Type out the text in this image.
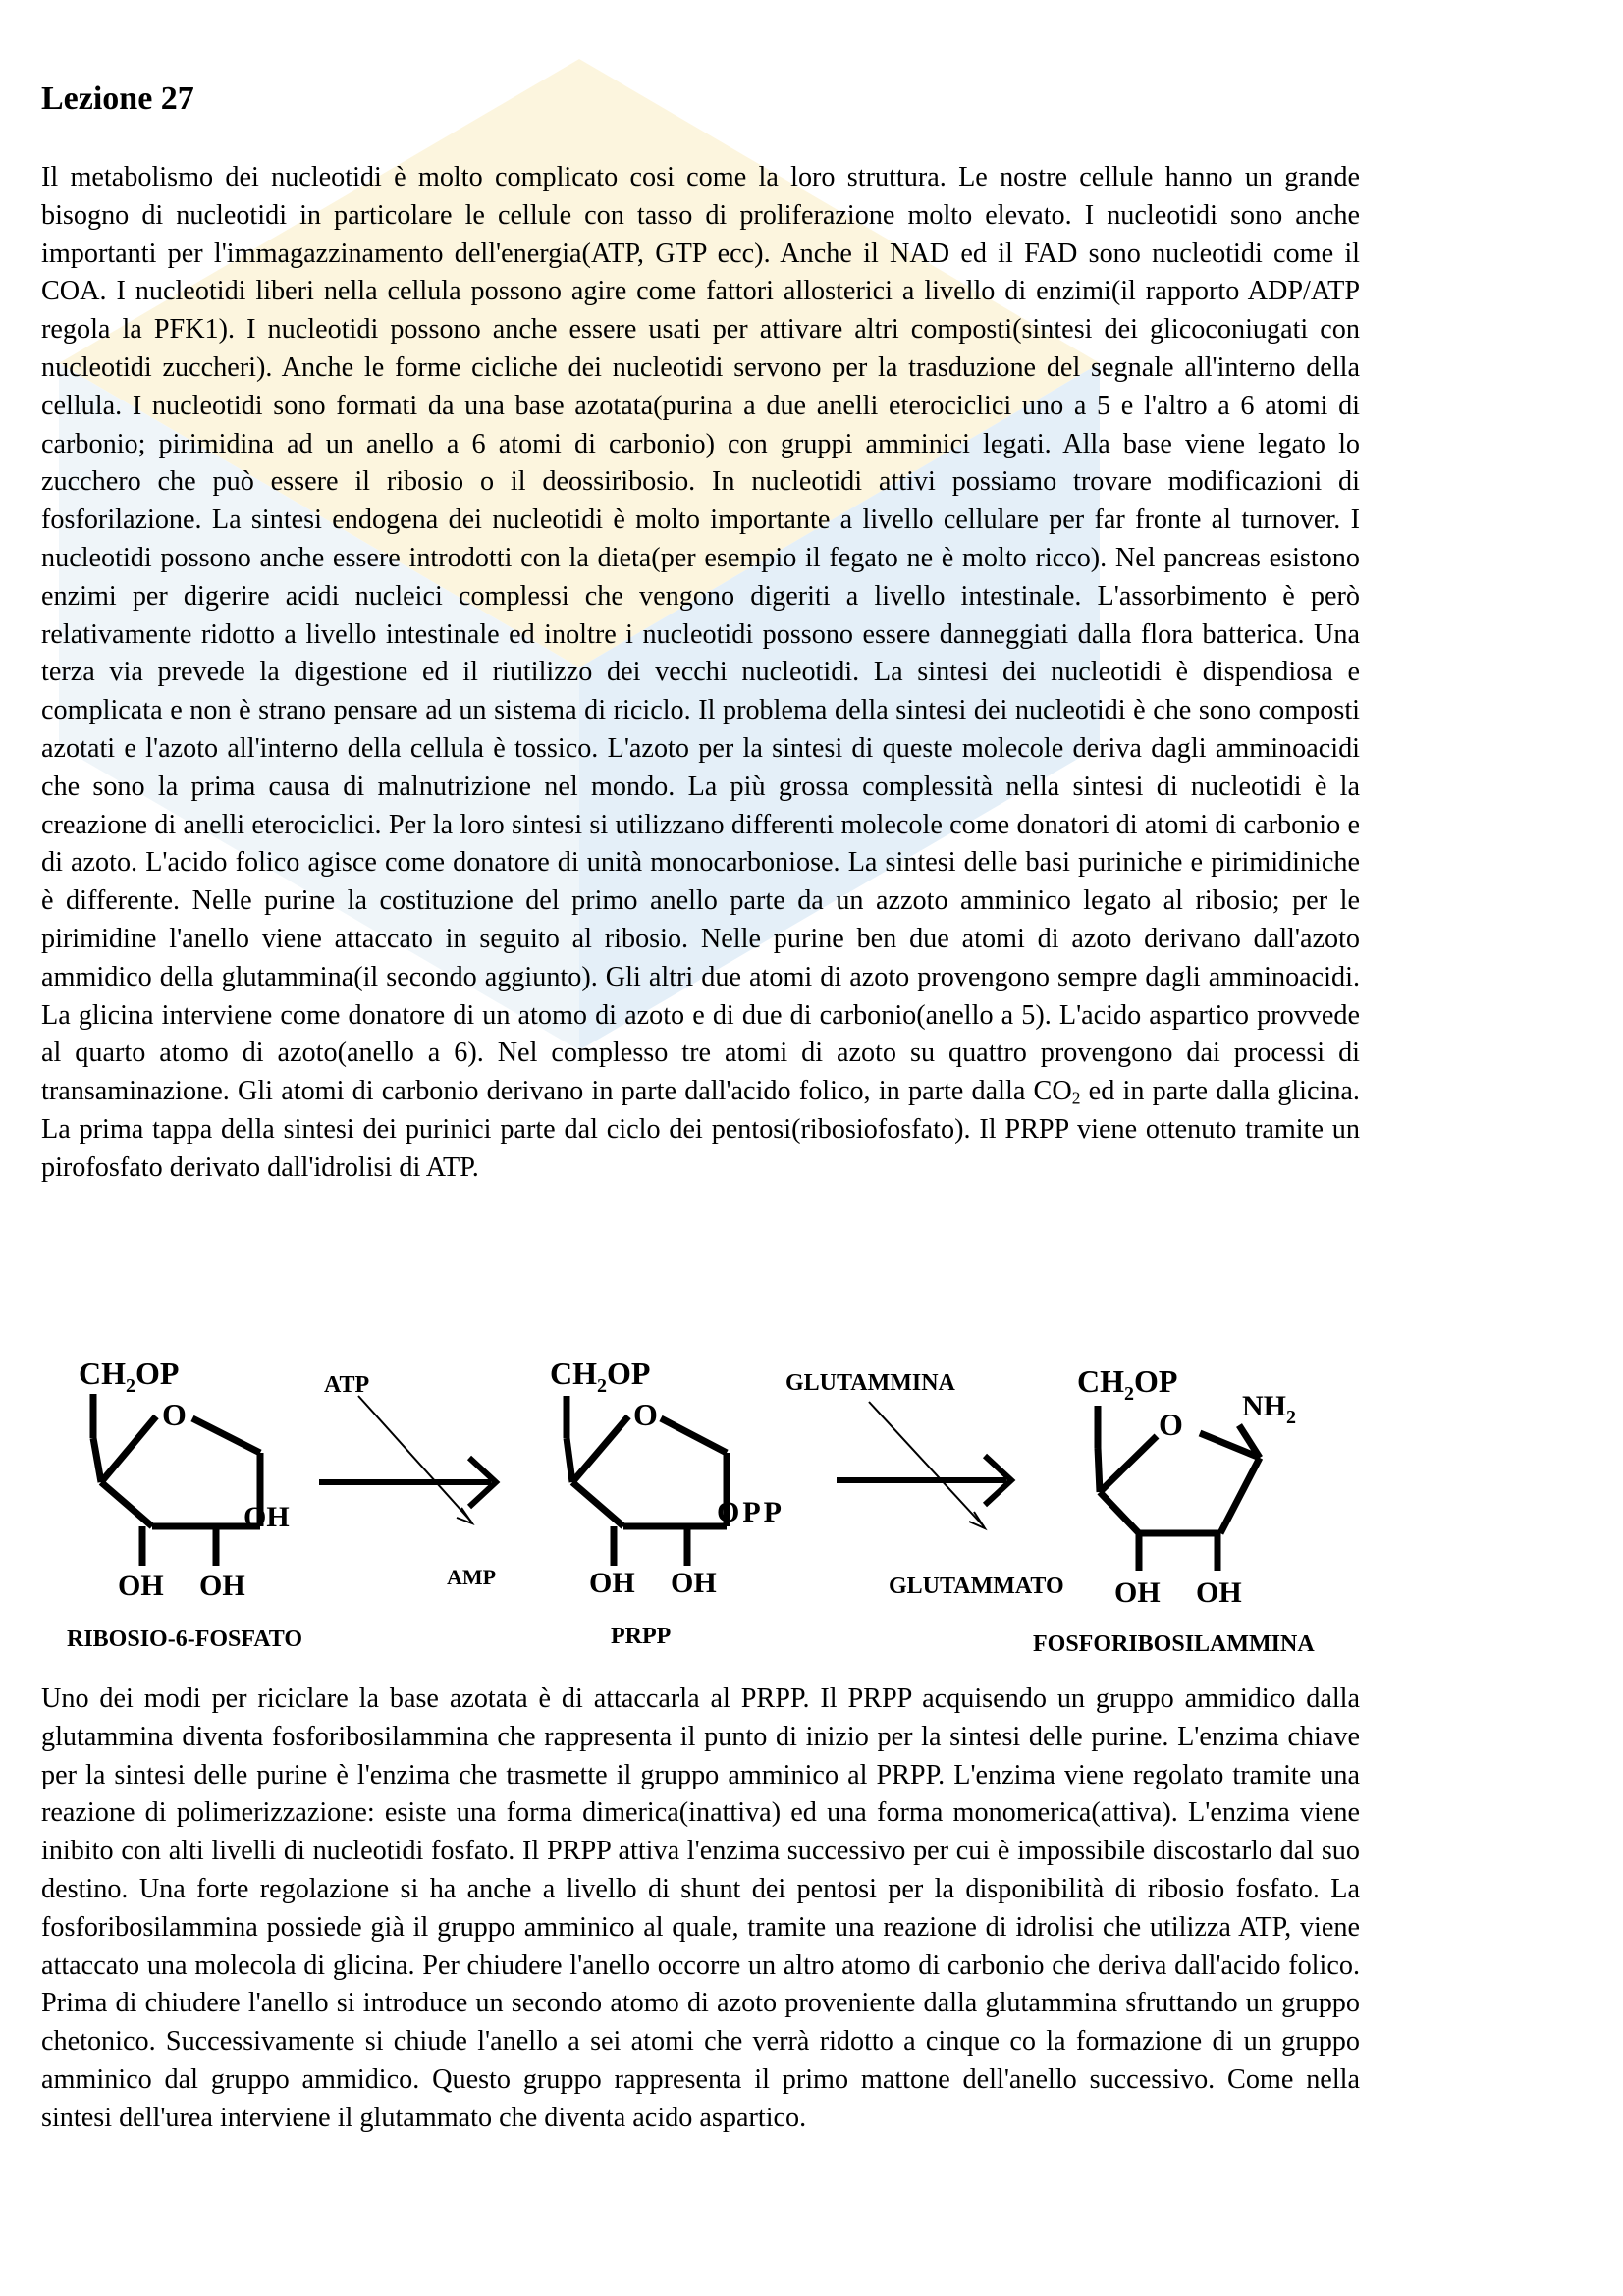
Lezione 27

Il metabolismo dei nucleotidi è molto complicato cosi come la loro struttura. Le nostre cellule hanno un grande bisogno di nucleotidi in particolare le cellule con tasso di proliferazione molto elevato. I nucleotidi sono anche importanti per l'immagazzinamento dell'energia(ATP, GTP ecc). Anche il NAD ed il FAD sono nucleotidi come il COA. I nucleotidi liberi nella cellula possono agire come fattori allosterici a livello di enzimi(il rapporto ADP/ATP regola la PFK1). I nucleotidi possono anche essere usati per attivare altri composti(sintesi dei glicoconiugati con nucleotidi zuccheri). Anche le forme cicliche dei nucleotidi servono per la trasduzione del segnale all'interno della cellula. I nucleotidi sono formati da una base azotata(purina a due anelli eterociclici uno a 5 e l'altro a 6 atomi di carbonio; pirimidina ad un anello a 6 atomi di carbonio) con gruppi amminici legati. Alla base viene legato lo zucchero che può essere il ribosio o il deossiribosio. In nucleotidi attivi possiamo trovare modificazioni di fosforilazione. La sintesi endogena dei nucleotidi è molto importante a livello cellulare per far fronte al turnover. I nucleotidi possono anche essere introdotti con la dieta(per esempio il fegato ne è molto ricco). Nel pancreas esistono enzimi per digerire acidi nucleici complessi che vengono digeriti a livello intestinale. L'assorbimento è però relativamente ridotto a livello intestinale ed inoltre i nucleotidi possono essere danneggiati dalla flora batterica. Una terza via prevede la digestione ed il riutilizzo dei vecchi nucleotidi. La sintesi dei nucleotidi è dispendiosa e complicata e non è strano pensare ad un sistema di riciclo. Il problema della sintesi dei nucleotidi è che sono composti azotati e l'azoto all'interno della cellula è tossico. L'azoto per la sintesi di queste molecole deriva dagli amminoacidi che sono la prima causa di malnutrizione nel mondo. La più grossa complessità nella sintesi di nucleotidi è la creazione di anelli eterociclici. Per la loro sintesi si utilizzano differenti molecole come donatori di atomi di carbonio e di azoto. L'acido folico agisce come donatore di unità monocarboniose. La sintesi delle basi puriniche e pirimidiniche è differente. Nelle purine la costituzione del primo anello parte da un azzoto amminico legato al ribosio; per le pirimidine l'anello viene attaccato in seguito al ribosio. Nelle purine ben due atomi di azoto derivano dall'azoto ammidico della glutammina(il secondo aggiunto). Gli altri due atomi di azoto provengono sempre dagli amminoacidi. La glicina interviene come donatore di un atomo di azoto e di due di carbonio(anello a 5). L'acido aspartico provvede al quarto atomo di azoto(anello a 6). Nel complesso tre atomi di azoto su quattro provengono dai processi di transaminazione. Gli atomi di carbonio derivano in parte dall'acido folico, in parte dalla $CO_2$ ed in parte dalla glicina. La prima tappa della sintesi dei purinici parte dal ciclo dei pentosi(ribosiofosfato). Il PRPP viene ottenuto tramite un pirofosfato derivato dall'idrolisi di ATP.

$CH_2OP$
O
OH
OH OH
RIBOSIO-6-FOSFATO
ATP
AMP
$CH_2OP$
O
OPP
OH OH
PRPP
GLUTAMMINA
GLUTAMMATO
$CH_2OP$
O
$NH_2$
OH OH
FOSFORIBOSILAMMINA

Uno dei modi per riciclare la base azotata è di attaccarla al PRPP. Il PRPP acquisendo un gruppo ammidico dalla glutammina diventa fosforibosilammina che rappresenta il punto di inizio per la sintesi delle purine. L'enzima chiave per la sintesi delle purine è l'enzima che trasmette il gruppo amminico al PRPP. L'enzima viene regolato tramite una reazione di polimerizzazione: esiste una forma dimerica(inattiva) ed una forma monomerica(attiva). L'enzima viene inibito con alti livelli di nucleotidi fosfato. Il PRPP attiva l'enzima successivo per cui è impossibile discostarlo dal suo destino. Una forte regolazione si ha anche a livello di shunt dei pentosi per la disponibilità di ribosio fosfato. La fosforibosilammina possiede già il gruppo amminico al quale, tramite una reazione di idrolisi che utilizza ATP, viene attaccato una molecola di glicina. Per chiudere l'anello occorre un altro atomo di carbonio che deriva dall'acido folico. Prima di chiudere l'anello si introduce un secondo atomo di azoto proveniente dalla glutammina sfruttando un gruppo chetonico. Successivamente si chiude l'anello a sei atomi che verrà ridotto a cinque co la formazione di un gruppo amminico dal gruppo ammidico. Questo gruppo rappresenta il primo mattone dell'anello successivo. Come nella sintesi dell'urea interviene il glutammato che diventa acido aspartico.
